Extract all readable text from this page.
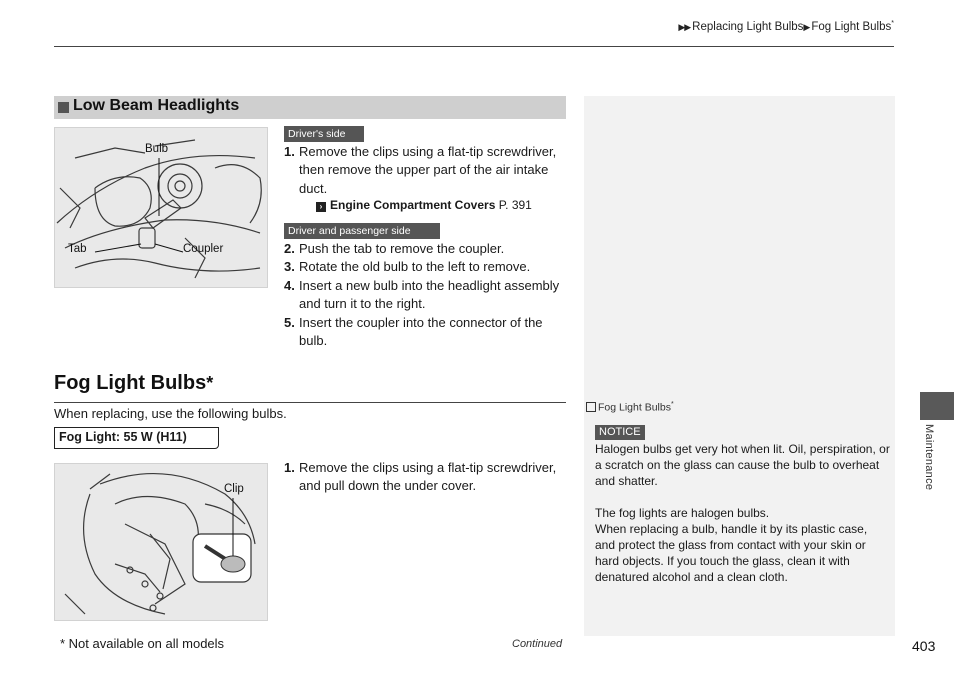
▶▶ Replacing Light Bulbs▶ Fog Light Bulbs*
Low Beam Headlights
Bulb
Tab	Coupler
Driver's side
1. Remove the clips using a flat-tip screwdriver, then remove the upper part of the air intake duct.
› Engine Compartment Covers P. 391
Driver and passenger side
2. Push the tab to remove the coupler.
3. Rotate the old bulb to the left to remove.
4. Insert a new bulb into the headlight assembly and turn it to the right.
5. Insert the coupler into the connector of the bulb.
Fog Light Bulbs*
When replacing, use the following bulbs.
Fog Light: 55 W (H11)
Clip
1. Remove the clips using a flat-tip screwdriver, and pull down the under cover.
Fog Light Bulbs*
NOTICE
Halogen bulbs get very hot when lit. Oil, perspiration, or a scratch on the glass can cause the bulb to overheat and shatter.
The fog lights are halogen bulbs.
When replacing a bulb, handle it by its plastic case, and protect the glass from contact with your skin or hard objects. If you touch the glass, clean it with denatured alcohol and a clean cloth.
Maintenance
* Not available on all models	Continued	403
